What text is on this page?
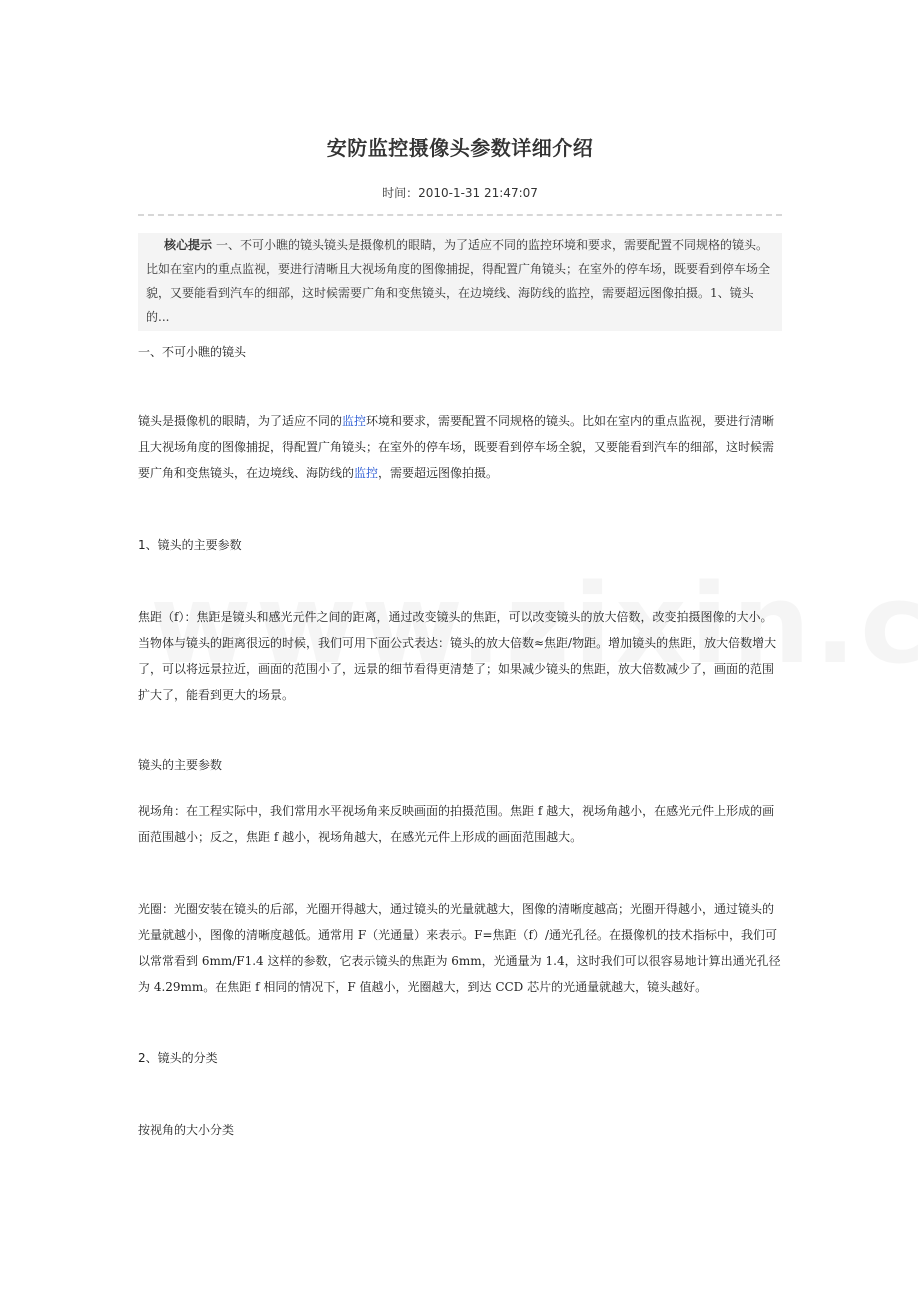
安防监控摄像头参数详细介绍
时间：2010-1-31 21:47:07
核心提示 一、不可小瞧的镜头镜头是摄像机的眼睛，为了适应不同的监控环境和要求，需要配置不同规格的镜头。比如在室内的重点监视，要进行清晰且大视场角度的图像捕捉，得配置广角镜头；在室外的停车场，既要看到停车场全貌，又要能看到汽车的细部，这时候需要广角和变焦镜头，在边境线、海防线的监控，需要超远图像拍摄。1、镜头的...

一、不可小瞧的镜头

镜头是摄像机的眼睛，为了适应不同的监控环境和要求，需要配置不同规格的镜头。比如在室内的重点监视，要进行清晰且大视场角度的图像捕捉，得配置广角镜头；在室外的停车场，既要看到停车场全貌，又要能看到汽车的细部，这时候需要广角和变焦镜头，在边境线、海防线的监控，需要超远图像拍摄。

1、镜头的主要参数

焦距（f）：焦距是镜头和感光元件之间的距离，通过改变镜头的焦距，可以改变镜头的放大倍数，改变拍摄图像的大小。当物体与镜头的距离很远的时候，我们可用下面公式表达：镜头的放大倍数≈焦距/物距。增加镜头的焦距，放大倍数增大了，可以将远景拉近，画面的范围小了，远景的细节看得更清楚了；如果减少镜头的焦距，放大倍数减少了，画面的范围扩大了，能看到更大的场景。

镜头的主要参数

视场角：在工程实际中，我们常用水平视场角来反映画面的拍摄范围。焦距 f 越大，视场角越小，在感光元件上形成的画面范围越小；反之，焦距 f 越小，视场角越大，在感光元件上形成的画面范围越大。

光圈：光圈安装在镜头的后部，光圈开得越大，通过镜头的光量就越大，图像的清晰度越高；光圈开得越小，通过镜头的光量就越小，图像的清晰度越低。通常用 F（光通量）来表示。F=焦距（f）/通光孔径。在摄像机的技术指标中，我们可以常常看到 6mm/F1.4 这样的参数，它表示镜头的焦距为 6mm，光通量为 1.4，这时我们可以很容易地计算出通光孔径为 4.29mm。在焦距 f 相同的情况下，F 值越小，光圈越大，到达 CCD 芯片的光通量就越大，镜头越好。

2、镜头的分类

按视角的大小分类
